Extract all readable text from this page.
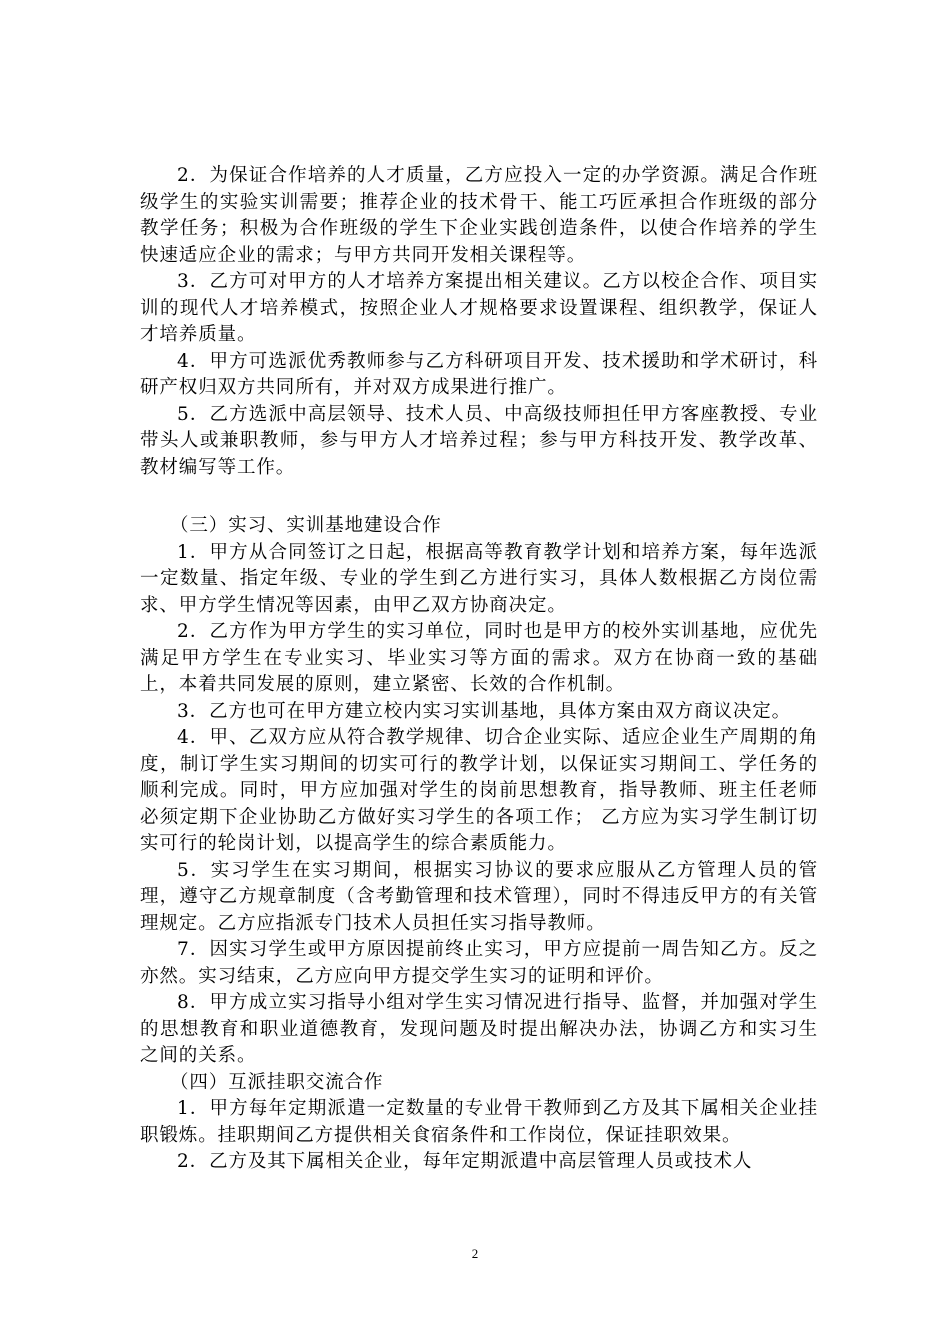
2．为保证合作培养的人才质量，乙方应投入一定的办学资源。满足合作班级学生的实验实训需要；推荐企业的技术骨干、能工巧匠承担合作班级的部分教学任务；积极为合作班级的学生下企业实践创造条件，以使合作培养的学生快速适应企业的需求；与甲方共同开发相关课程等。

3．乙方可对甲方的人才培养方案提出相关建议。乙方以校企合作、项目实训的现代人才培养模式，按照企业人才规格要求设置课程、组织教学，保证人才培养质量。

4．甲方可选派优秀教师参与乙方科研项目开发、技术援助和学术研讨，科研产权归双方共同所有，并对双方成果进行推广。

5．乙方选派中高层领导、技术人员、中高级技师担任甲方客座教授、专业带头人或兼职教师，参与甲方人才培养过程；参与甲方科技开发、教学改革、教材编写等工作。

（三）实习、实训基地建设合作

1．甲方从合同签订之日起，根据高等教育教学计划和培养方案，每年选派一定数量、指定年级、专业的学生到乙方进行实习，具体人数根据乙方岗位需求、甲方学生情况等因素，由甲乙双方协商决定。

2．乙方作为甲方学生的实习单位，同时也是甲方的校外实训基地，应优先满足甲方学生在专业实习、毕业实习等方面的需求。双方在协商一致的基础上，本着共同发展的原则，建立紧密、长效的合作机制。

3．乙方也可在甲方建立校内实习实训基地，具体方案由双方商议决定。

4．甲、乙双方应从符合教学规律、切合企业实际、适应企业生产周期的角度，制订学生实习期间的切实可行的教学计划，以保证实习期间工、学任务的顺利完成。同时，甲方应加强对学生的岗前思想教育，指导教师、班主任老师必须定期下企业协助乙方做好实习学生的各项工作； 乙方应为实习学生制订切实可行的轮岗计划，以提高学生的综合素质能力。

5．实习学生在实习期间，根据实习协议的要求应服从乙方管理人员的管理，遵守乙方规章制度（含考勤管理和技术管理），同时不得违反甲方的有关管理规定。乙方应指派专门技术人员担任实习指导教师。

7．因实习学生或甲方原因提前终止实习，甲方应提前一周告知乙方。反之亦然。实习结束，乙方应向甲方提交学生实习的证明和评价。

8．甲方成立实习指导小组对学生实习情况进行指导、监督，并加强对学生的思想教育和职业道德教育，发现问题及时提出解决办法，协调乙方和实习生之间的关系。

（四）互派挂职交流合作

1．甲方每年定期派遣一定数量的专业骨干教师到乙方及其下属相关企业挂职锻炼。挂职期间乙方提供相关食宿条件和工作岗位，保证挂职效果。

2．乙方及其下属相关企业，每年定期派遣中高层管理人员或技术人

2
